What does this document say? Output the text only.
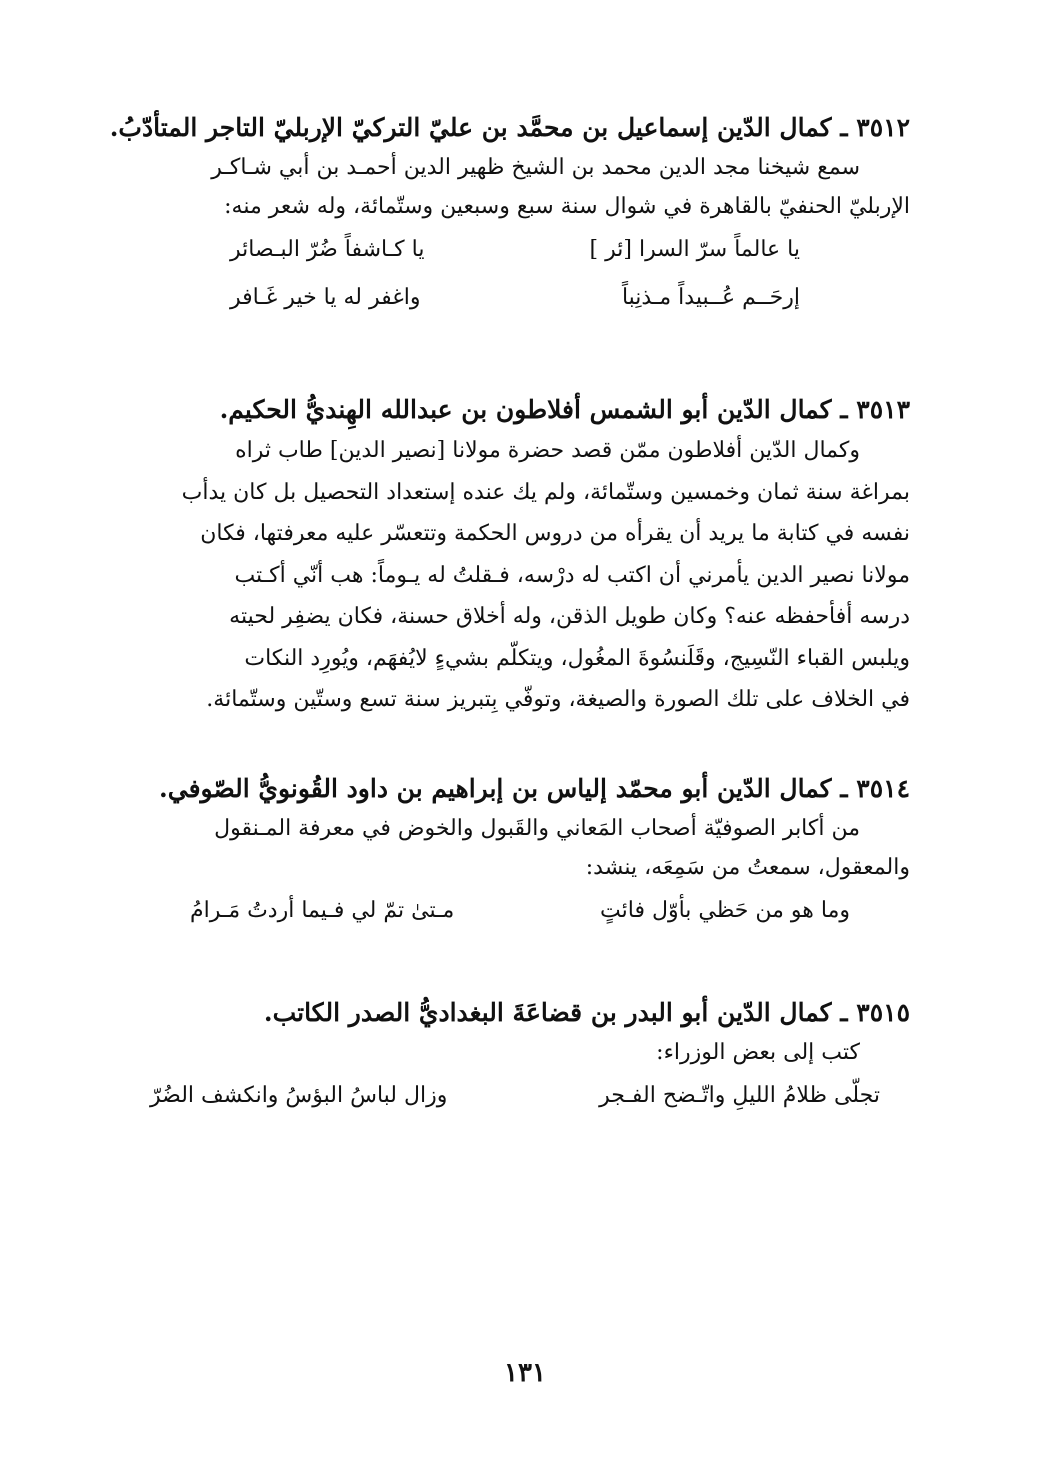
٣٥١٢ ـ كمال الدّين إسماعيل بن محمَّد بن عليّ التركيّ الإربليّ التاجر المتأدّبُ.

سمع شيخنا مجد الدين محمد بن الشيخ ظهير الدين أحمـد بن أبي شـاكـر

الإربليّ الحنفيّ بالقاهرة في شوال سنة سبع وسبعين وستّمائة، وله شعر منه:

يا عالماً سرّ السرا [ئر ]
يا كـاشفاً ضُرّ البـصائر
إرحَــم عُــبيداً مـذنِباً
واغفر له يا خير غَـافر

٣٥١٣ ـ كمال الدّين أبو الشمس أفلاطون بن عبدالله الهِنديُّ الحكيم.

وكمال الدّين أفلاطون ممّن قصد حضرة مولانا [نصير الدين] طاب ثراه

بمراغة سنة ثمان وخمسين وستّمائة، ولم يك عنده إستعداد التحصيل بل كان يدأب

نفسه في كتابة ما يريد أن يقرأه من دروس الحكمة وتتعسّر عليه معرفتها، فكان

مولانا نصير الدين يأمرني أن اكتب له درْسه، فـقلتُ له يـوماً: هب أنّي أكـتب

درسه أفأحفظه عنه؟ وكان طويل الذقن، وله أخلاق حسنة، فكان يضفِر لحيته

ويلبس القباء النّسِيج، وقَلَنسُوةَ المغُول، ويتكلّم بشيءٍ لايُفهَم، ويُورِد النكات

في الخلاف على تلك الصورة والصيغة، وتوفّي بِتبريز سنة تسع وستّين وستّمائة.

٣٥١٤ ـ كمال الدّين أبو محمّد إلياس بن إبراهيم بن داود القُونويُّ الصّوفي.

من أكابر الصوفيّة أصحاب المَعاني والقَبول والخوض في معرفة المـنقول

والمعقول، سمعتُ من سَمِعَه، ينشد:

وما هو من حَظي بأوّل فائتٍ
مـتىٰ تمّ لي فـيما أردتُ مَـرامُ

٣٥١٥ ـ كمال الدّين أبو البدر بن قضاعَةَ البغداديُّ الصدر الكاتب.

كتب إلى بعض الوزراء:

تجلّى ظلامُ الليلِ واتّـضح الفـجر
وزال لباسُ البؤسُ وانكشف الضُرّ
١٣١
